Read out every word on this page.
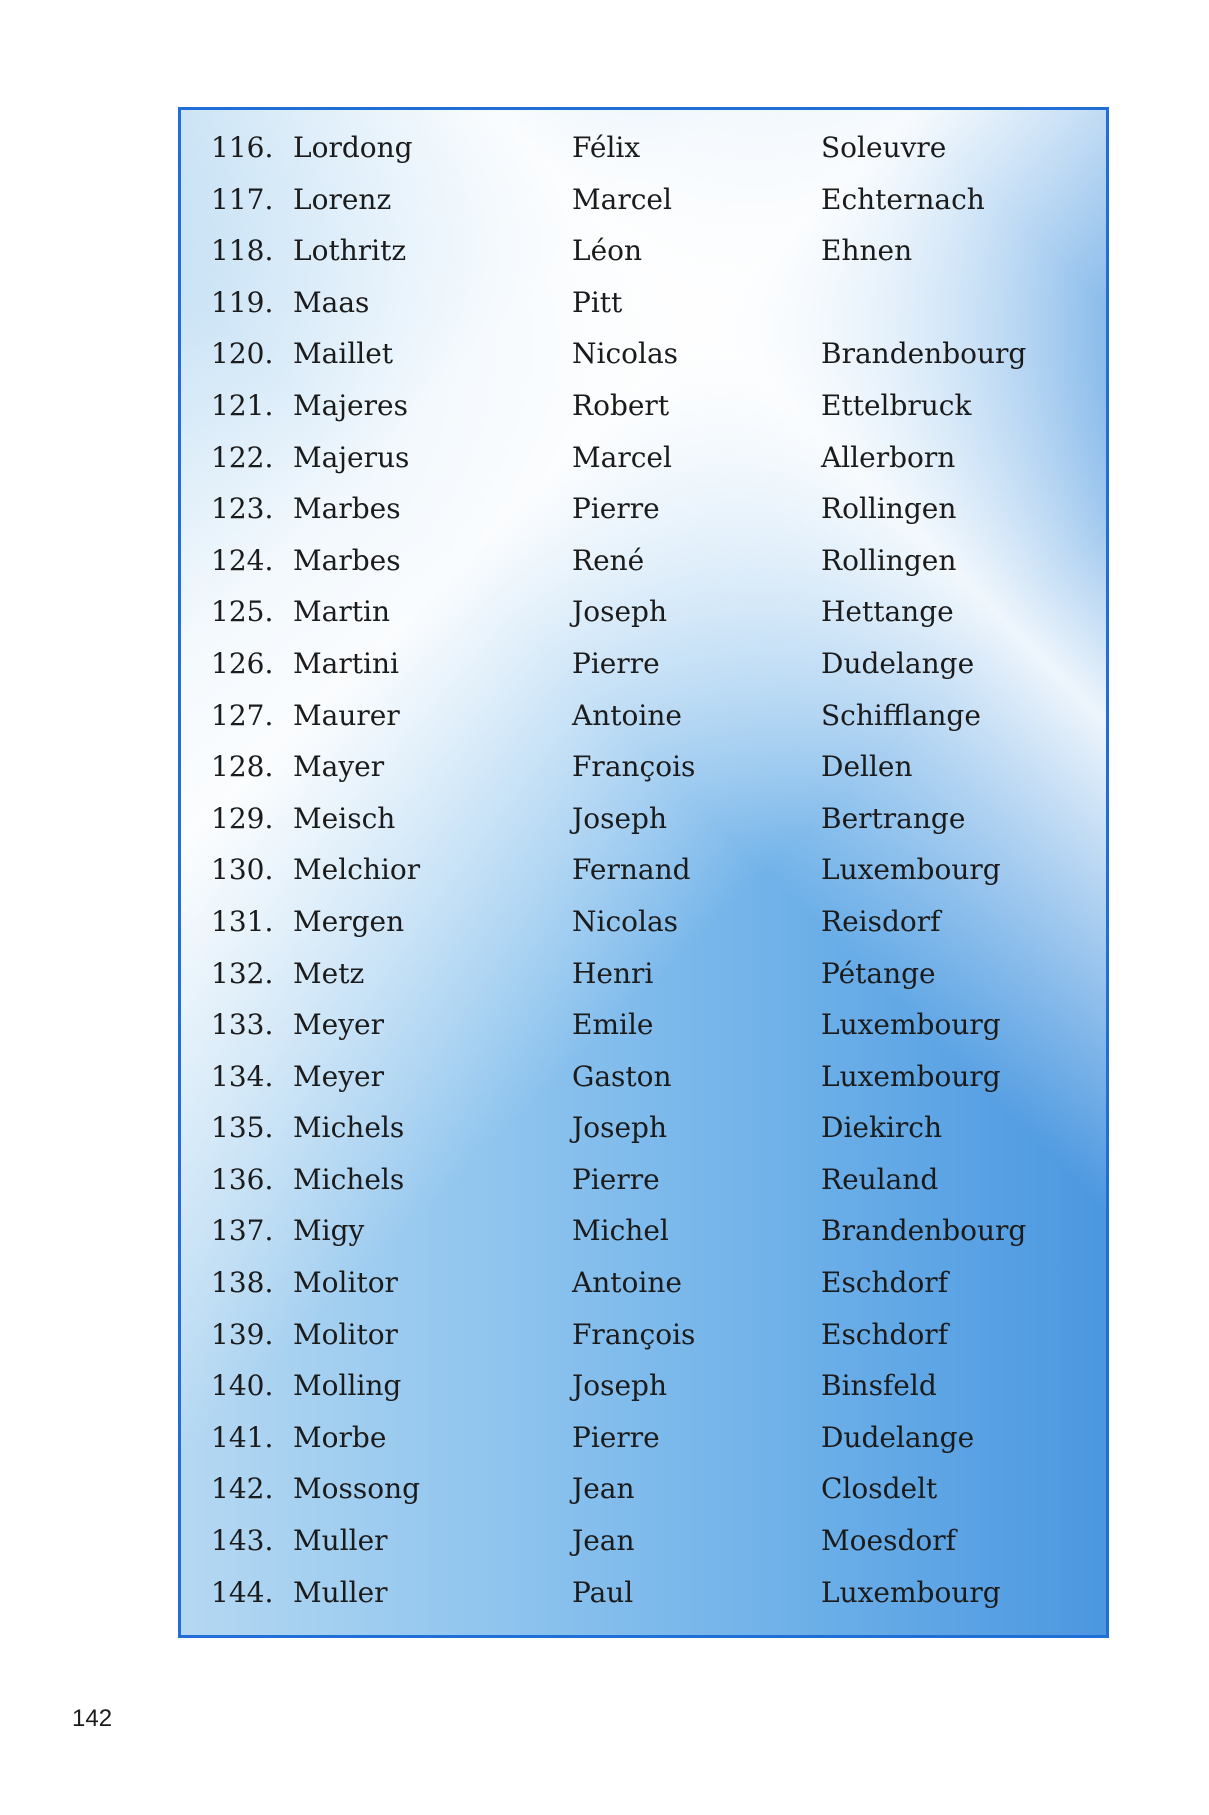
116. Lordong	Félix	Soleuvre
117. Lorenz	Marcel	Echternach
118. Lothritz	Léon	Ehnen
119. Maas	Pitt
120. Maillet	Nicolas	Brandenbourg
121. Majeres	Robert	Ettelbruck
122. Majerus	Marcel	Allerborn
123. Marbes	Pierre	Rollingen
124. Marbes	René	Rollingen
125. Martin	Joseph	Hettange
126. Martini	Pierre	Dudelange
127. Maurer	Antoine	Schifflange
128. Mayer	François	Dellen
129. Meisch	Joseph	Bertrange
130. Melchior	Fernand	Luxembourg
131. Mergen	Nicolas	Reisdorf
132. Metz	Henri	Pétange
133. Meyer	Emile	Luxembourg
134. Meyer	Gaston	Luxembourg
135. Michels	Joseph	Diekirch
136. Michels	Pierre	Reuland
137. Migy	Michel	Brandenbourg
138. Molitor	Antoine	Eschdorf
139. Molitor	François	Eschdorf
140. Molling	Joseph	Binsfeld
141. Morbe	Pierre	Dudelange
142. Mossong	Jean	Closdelt
143. Muller	Jean	Moesdorf
144. Muller	Paul	Luxembourg
142
